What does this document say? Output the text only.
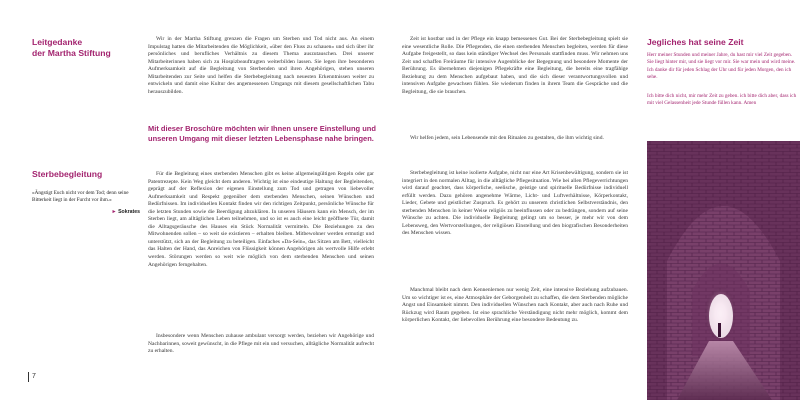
Leitgedanke
der Martha Stiftung

Wir in der Martha Stiftung grenzen die Fragen um Sterben und Tod nicht aus. An einem Impulstag hatten die Mitarbeitenden die Möglichkeit, «über den Fluss zu schauen» und sich über ihr persönliches und berufliches Verhältnis zu diesem Thema auszutauschen. Drei unserer Mitarbeiterinnen haben sich zu Hospizbeauftragten weiterbilden lassen. Sie legen ihre besonderen Aufmerksamkeit auf die Begleitung von Sterbenden und ihren Angehörigen, stehen unseren Mitarbeitenden zur Seite und helfen die Sterbebegleitung nach neuesten Erkenntnissen weiter zu entwickeln und damit eine Kultur des angemessenen Umgangs mit diesem gesellschaftlichen Tabu herauszubilden.

Mit dieser Broschüre möchten wir Ihnen unsere Einstellung und unseren Umgang mit dieser letzten Lebensphase nahe bringen.
Sterbebegleitung
«Ängstigt Euch nicht vor dem Tod; denn seine Bitterkeit liegt in der Furcht vor ihm.»
► Sokrates

Für die Begleitung eines sterbenden Menschen gibt es keine allgemeingültigen Regeln oder gar Patentrezepte. Kein Weg gleicht dem anderen. Wichtig ist eine eindeutige Haltung der Begleitenden, geprägt auf der Reflexion der eigenen Einstellung zum Tod und getragen von liebevoller Aufmerksamkeit und Respekt gegenüber dem sterbenden Menschen, seinen Wünschen und Bedürfnissen. Im individuellen Kontakt finden wir den richtigen Zeitpunkt, persönliche Wünsche für die letzten Stunden sowie die Beerdigung abzuklären. In unseren Häusern kann ein Mensch, der im Sterben liegt, am alltäglichen Leben teilnehmen, und so ist es auch eine leicht geöffnete Tür, damit die Alltagsgeräusche des Hauses ein Stück Normalität vermitteln. Die Beziehungen zu den Mitwohnenden sollen – so weit sie existieren – erhalten bleiben. Mitbewohner werden ermutigt und unterstützt, sich an der Begleitung zu beteiligen. Einfaches «Da-Sein», das Sitzen am Bett, vielleicht das Halten der Hand, das Anreichen von Flüssigkeit können Angehörigen als wertvolle Hilfe erlebt werden. Störungen werden so weit wie möglich von dem sterbenden Menschen und seinen Angehörigen ferngehalten.

Insbesondere wenn Menschen zuhause ambulant versorgt werden, beziehen wir Angehörige und Nachbarinnen, soweit gewünscht, in die Pflege mit ein und versuchen, alltägliche Normalität aufrecht zu erhalten.

7

Zeit ist kostbar und in der Pflege ein knapp bemessenes Gut. Bei der Sterbebegleitung spielt sie eine wesentliche Rolle. Die Pflegenden, die einen sterbenden Menschen begleiten, werden für diese Aufgabe freigestellt, so dass kein ständiger Wechsel des Personals stattfinden muss. Wir nehmen uns Zeit und schaffen Freiräume für intensive Augenblicke der Begegnung und besondere Momente der Berührung. Es übernehmen diejenigen Pflegekräfte eine Begleitung, die bereits eine tragfähige Beziehung zu dem Menschen aufgebaut haben, und die sich dieser verantwortungsvollen und intensiven Aufgabe gewachsen fühlen. Sie wiederum finden in ihrem Team die Gespräche und die Begleitung, die sie brauchen.

Wir helfen jedem, sein Lebensende mit den Ritualen zu gestalten, die ihm wichtig sind.

Sterbebegleitung ist keine isolierte Aufgabe, nicht nur eine Art Krisenbewältigung, sondern sie ist integriert in den normalen Alltag, in die alltägliche Pflegesituation. Wie bei allen Pflegeverrichtungen wird darauf geachtet, dass körperliche, seelische, geistige und spirituelle Bedürfnisse individuell erfüllt werden. Dazu gehören angenehme Wärme, Licht- und Luftverhältnisse, Körperkontakt, Lieder, Gebete und geistlicher Zuspruch. Es gehört zu unserem christlichen Selbstverständnis, den sterbenden Menschen in keiner Weise religiös zu beeinflussen oder zu bedrängen, sondern auf seine Wünsche zu achten. Die individuelle Begleitung gelingt um so besser, je mehr wir von dem Lebensweg, den Wertvorstellungen, der religiösen Einstellung und den biografischen Besonderheiten des Menschen wissen.

Manchmal bleibt nach dem Kennenlernen nur wenig Zeit, eine intensive Beziehung aufzubauen. Um so wichtiger ist es, eine Atmosphäre der Geborgenheit zu schaffen, die dem Sterbenden mögliche Angst und Einsamkeit nimmt. Den individuellen Wünschen nach Kontakt, aber auch nach Ruhe und Rückzug wird Raum gegeben. Ist eine sprachliche Verständigung nicht mehr möglich, kommt dem körperlichen Kontakt, der liebevollen Berührung eine besondere Bedeutung zu.

Jegliches hat seine Zeit
Herr meiner Stunden und meiner Jahre, du hast mir viel Zeit gegeben. Sie liegt hinter mir, und sie liegt vor mir. Sie war mein und wird meine. Ich danke dir für jeden Schlag der Uhr und für jeden Morgen, den ich sehe.
Ich bitte dich nicht, mir mehr Zeit zu geben. ich bitte dich aber, dass ich mit viel Gelassenheit jede Stunde füllen kann. Amen
